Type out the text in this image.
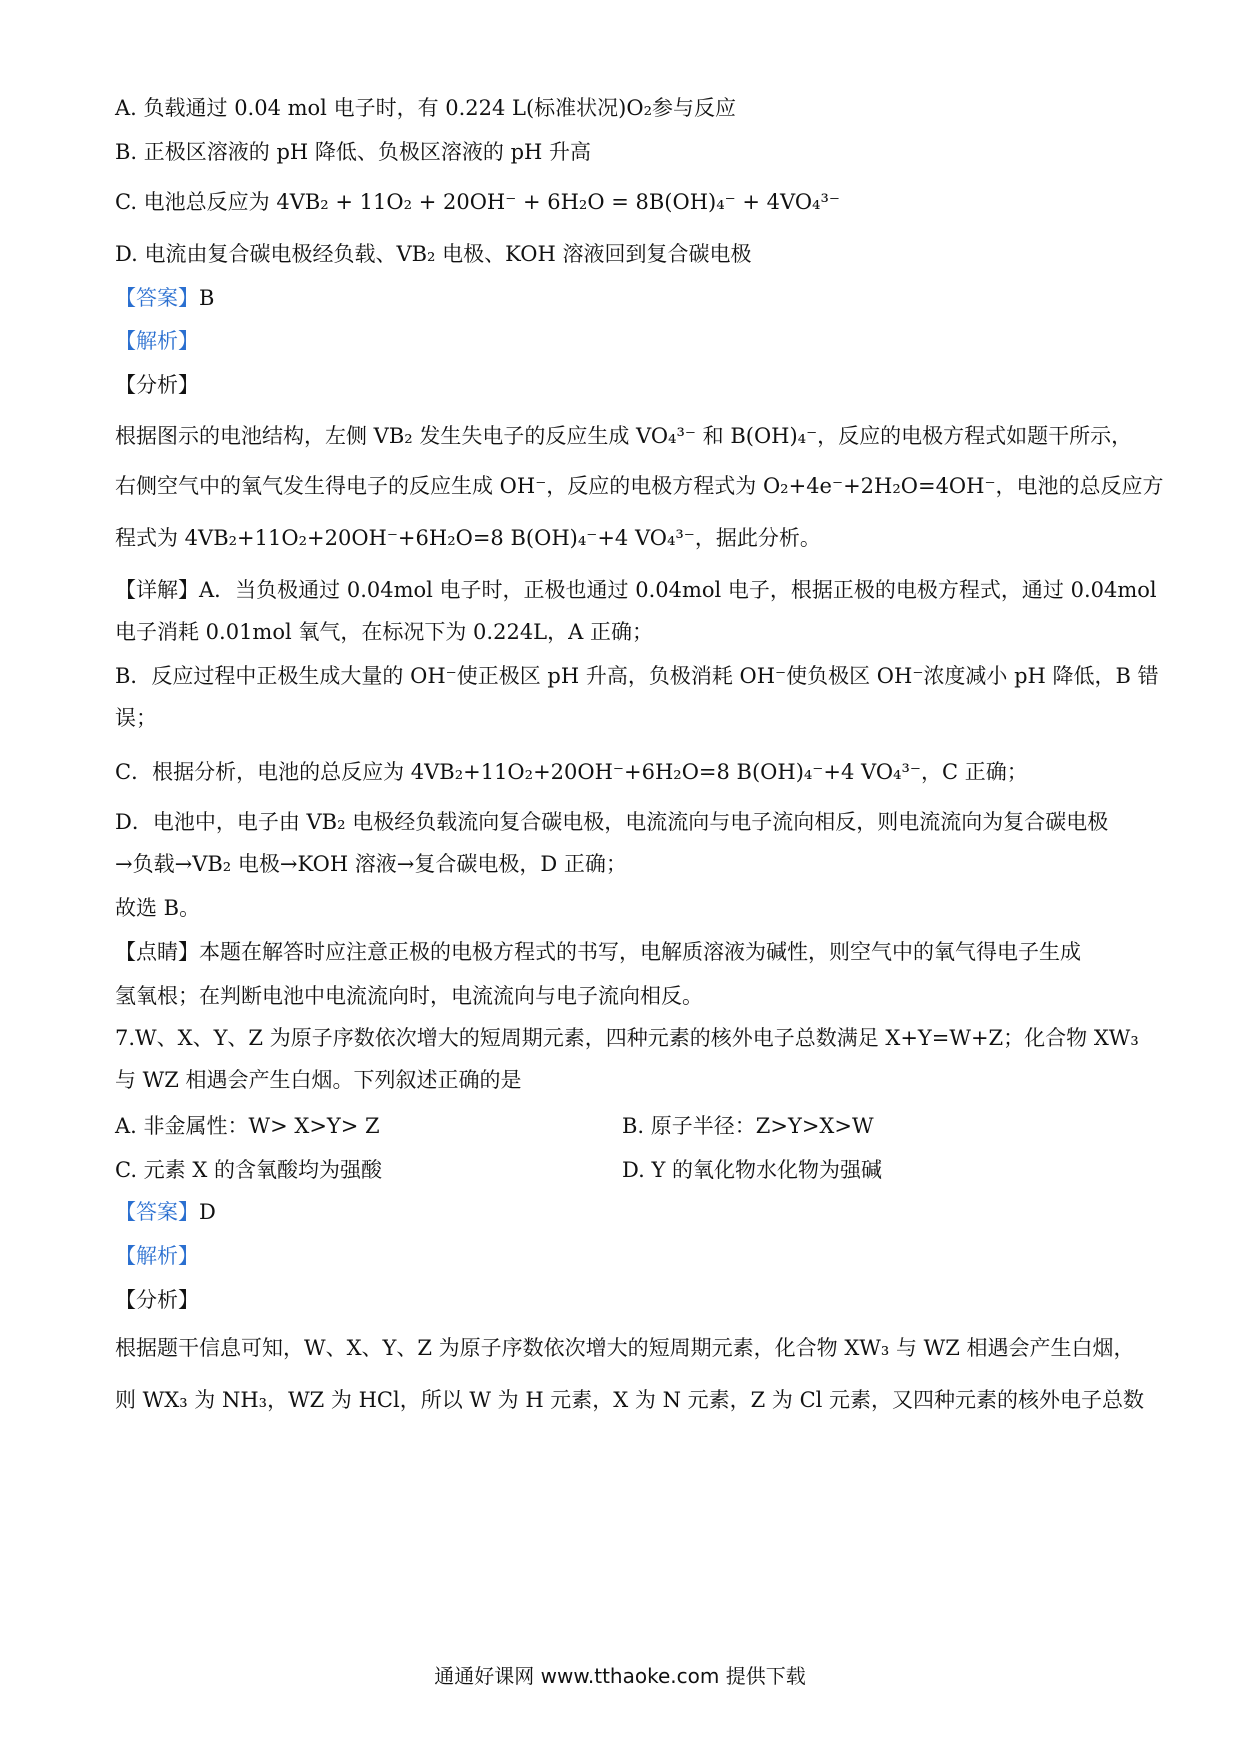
A. 负载通过 0.04 mol 电子时，有 0.224 L(标准状况)O₂参与反应
B. 正极区溶液的 pH 降低、负极区溶液的 pH 升高
C. 电池总反应为 4VB₂ + 11O₂ + 20OH⁻ + 6H₂O = 8B(OH)₄⁻ + 4VO₄³⁻
D. 电流由复合碳电极经负载、VB₂ 电极、KOH 溶液回到复合碳电极
【答案】B
【解析】
【分析】
根据图示的电池结构，左侧 VB₂ 发生失电子的反应生成 VO₄³⁻ 和 B(OH)₄⁻，反应的电极方程式如题干所示，
右侧空气中的氧气发生得电子的反应生成 OH⁻，反应的电极方程式为 O₂+4e⁻+2H₂O=4OH⁻，电池的总反应方
程式为 4VB₂+11O₂+20OH⁻+6H₂O=8 B(OH)₄⁻+4 VO₄³⁻，据此分析。
【详解】A．当负极通过 0.04mol 电子时，正极也通过 0.04mol 电子，根据正极的电极方程式，通过 0.04mol
电子消耗 0.01mol 氧气，在标况下为 0.224L，A 正确；
B．反应过程中正极生成大量的 OH⁻使正极区 pH 升高，负极消耗 OH⁻使负极区 OH⁻浓度减小 pH 降低，B 错
误；
C．根据分析，电池的总反应为 4VB₂+11O₂+20OH⁻+6H₂O=8 B(OH)₄⁻+4 VO₄³⁻，C 正确；
D．电池中，电子由 VB₂ 电极经负载流向复合碳电极，电流流向与电子流向相反，则电流流向为复合碳电极
→负载→VB₂ 电极→KOH 溶液→复合碳电极，D 正确；
故选 B。
【点睛】本题在解答时应注意正极的电极方程式的书写，电解质溶液为碱性，则空气中的氧气得电子生成
氢氧根；在判断电池中电流流向时，电流流向与电子流向相反。
7.W、X、Y、Z 为原子序数依次增大的短周期元素，四种元素的核外电子总数满足 X+Y=W+Z；化合物 XW₃
与 WZ 相遇会产生白烟。下列叙述正确的是
A. 非金属性：W> X>Y> Z	B. 原子半径：Z>Y>X>W
C. 元素 X 的含氧酸均为强酸	D. Y 的氧化物水化物为强碱
【答案】D
【解析】
【分析】
根据题干信息可知，W、X、Y、Z 为原子序数依次增大的短周期元素，化合物 XW₃ 与 WZ 相遇会产生白烟，
则 WX₃ 为 NH₃，WZ 为 HCl，所以 W 为 H 元素，X 为 N 元素，Z 为 Cl 元素，又四种元素的核外电子总数
通通好课网 www.tthaoke.com 提供下载
